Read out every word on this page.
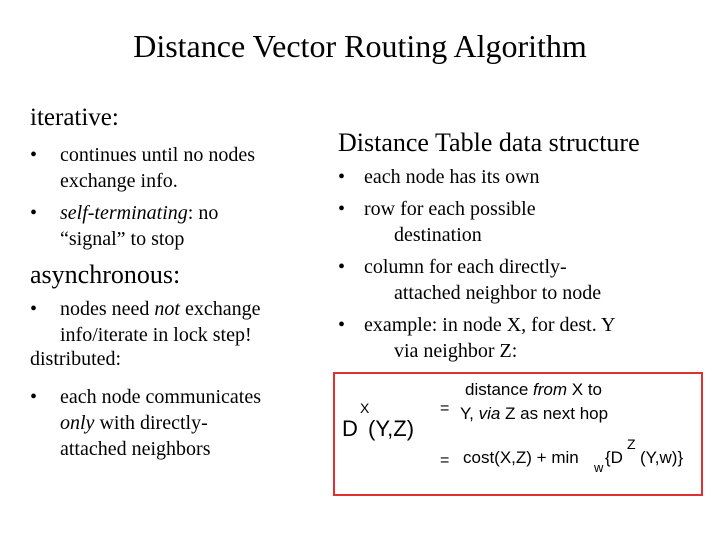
Distance Vector Routing Algorithm
iterative:
• continues until no nodes
exchange info.
• self-terminating: no
“signal” to stop
asynchronous:
• nodes need not exchange
info/iterate in lock step!
distributed:
• each node communicates
only with directly-
attached neighbors
Distance Table data structure
• each node has its own
• row for each possible
destination
• column for each directly-
attached neighbor to node
• example: in node X, for dest. Y
via neighbor Z:
X
D (Y,Z)
=
distance from X to
Y, via Z as next hop
= cost(X,Z) + min
w
{D
Z
(Y,w)}
